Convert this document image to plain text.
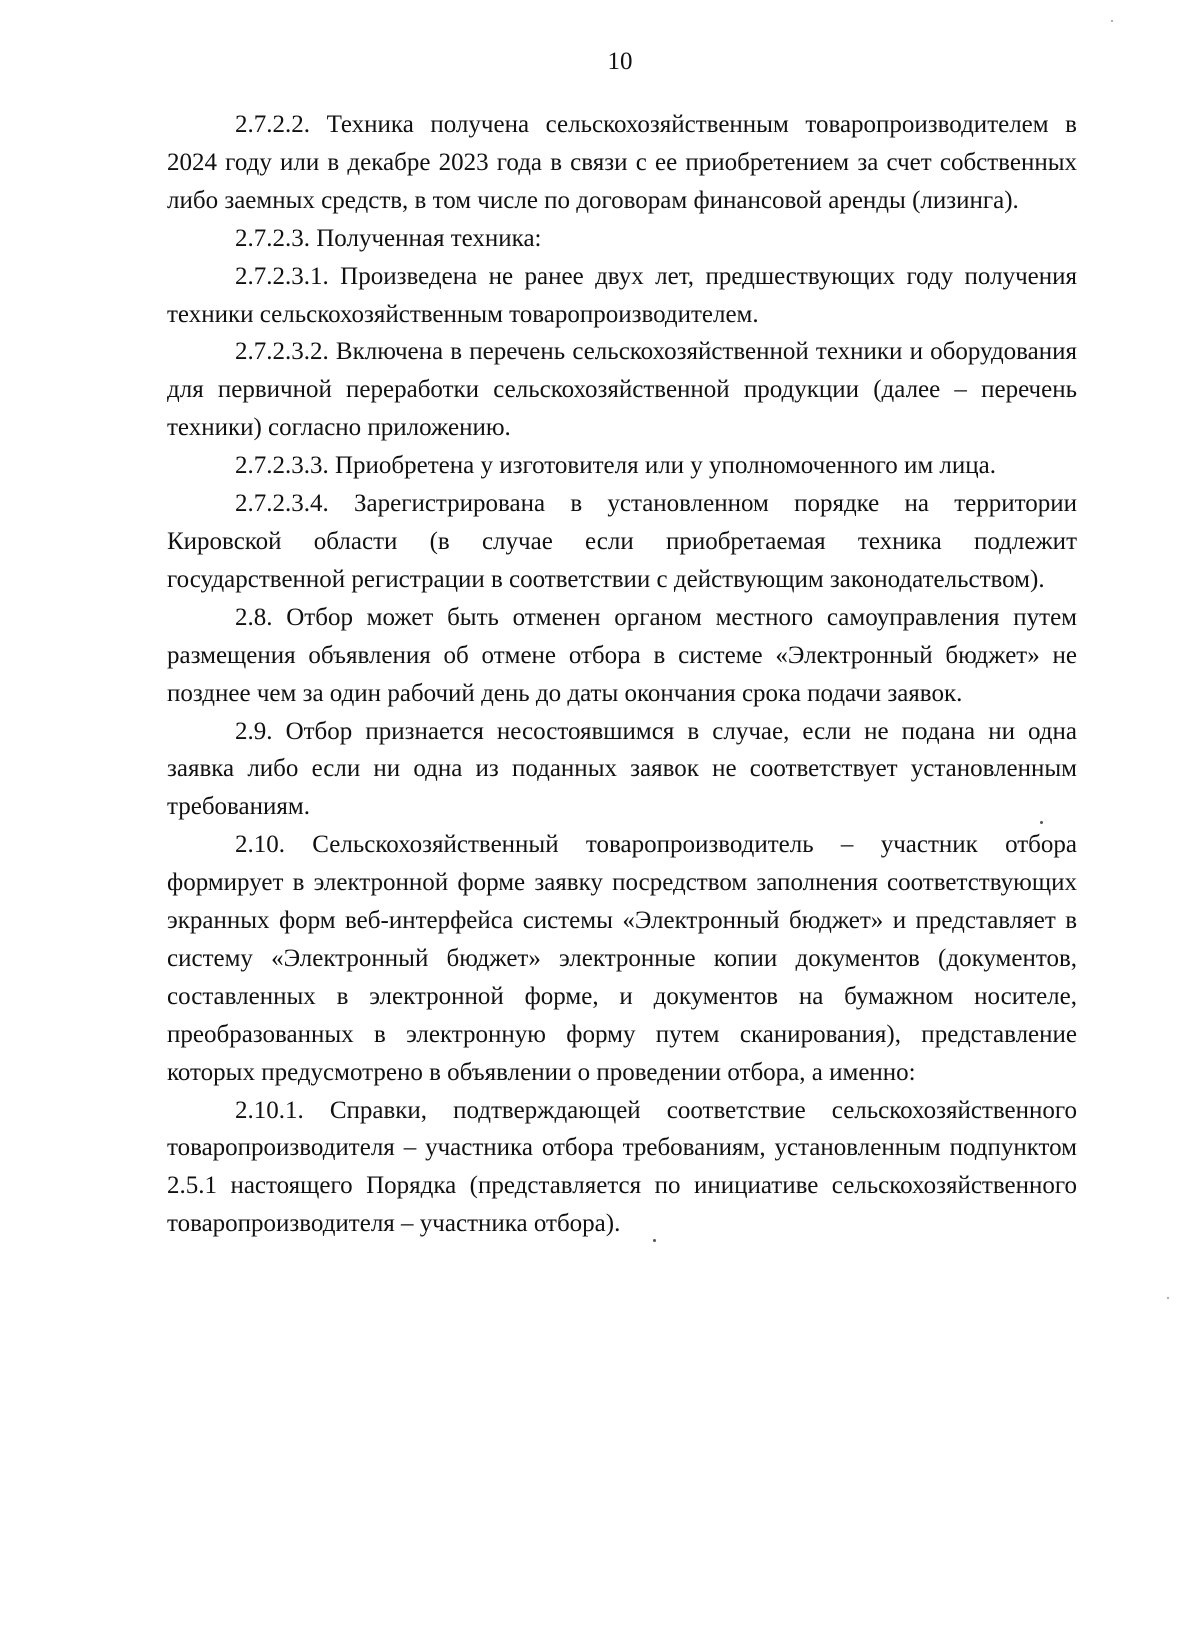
10

2.7.2.2. Техника получена сельскохозяйственным товаропроизводителем в 2024 году или в декабре 2023 года в связи с ее приобретением за счет собственных либо заемных средств, в том числе по договорам финансовой аренды (лизинга).

2.7.2.3. Полученная техника:

2.7.2.3.1. Произведена не ранее двух лет, предшествующих году получения техники сельскохозяйственным товаропроизводителем.

2.7.2.3.2. Включена в перечень сельскохозяйственной техники и оборудования для первичной переработки сельскохозяйственной продукции (далее – перечень техники) согласно приложению.

2.7.2.3.3. Приобретена у изготовителя или у уполномоченного им лица.

2.7.2.3.4. Зарегистрирована в установленном порядке на территории Кировской области (в случае если приобретаемая техника подлежит государственной регистрации в соответствии с действующим законодательством).

2.8. Отбор может быть отменен органом местного самоуправления путем размещения объявления об отмене отбора в системе «Электронный бюджет» не позднее чем за один рабочий день до даты окончания срока подачи заявок.

2.9. Отбор признается несостоявшимся в случае, если не подана ни одна заявка либо если ни одна из поданных заявок не соответствует установленным требованиям.

2.10. Сельскохозяйственный товаропроизводитель – участник отбора формирует в электронной форме заявку посредством заполнения соответствующих экранных форм веб-интерфейса системы «Электронный бюджет» и представляет в систему «Электронный бюджет» электронные копии документов (документов, составленных в электронной форме, и документов на бумажном носителе, преобразованных в электронную форму путем сканирования), представление которых предусмотрено в объявлении о проведении отбора, а именно:

2.10.1. Справки, подтверждающей соответствие сельскохозяйственного товаропроизводителя – участника отбора требованиям, установленным подпунктом 2.5.1 настоящего Порядка (представляется по инициативе сельскохозяйственного товаропроизводителя – участника отбора).
